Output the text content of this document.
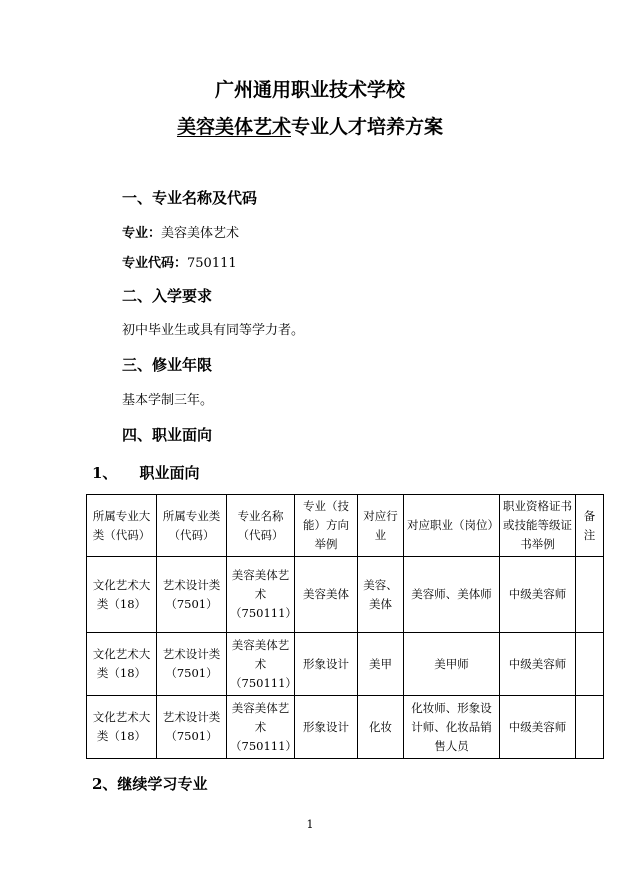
广州通用职业技术学校
美容美体艺术专业人才培养方案
一、专业名称及代码
专业：美容美体艺术
专业代码：750111
二、入学要求
初中毕业生或具有同等学力者。
三、修业年限
基本学制三年。
四、职业面向
1、 职业面向
所属专业大类（代码）	所属专业类（代码）	专业名称（代码）	专业（技能）方向举例	对应行业	对应职业（岗位）	职业资格证书或技能等级证书举例	备注
文化艺术大类（18）	艺术设计类（7501）	美容美体艺术（750111）	美容美体	美容、美体	美容师、美体师	中级美容师	
文化艺术大类（18）	艺术设计类（7501）	美容美体艺术（750111）	形象设计	美甲	美甲师	中级美容师	
文化艺术大类（18）	艺术设计类（7501）	美容美体艺术（750111）	形象设计	化妆	化妆师、形象设计师、化妆品销售人员	中级美容师	
2、继续学习专业
1
